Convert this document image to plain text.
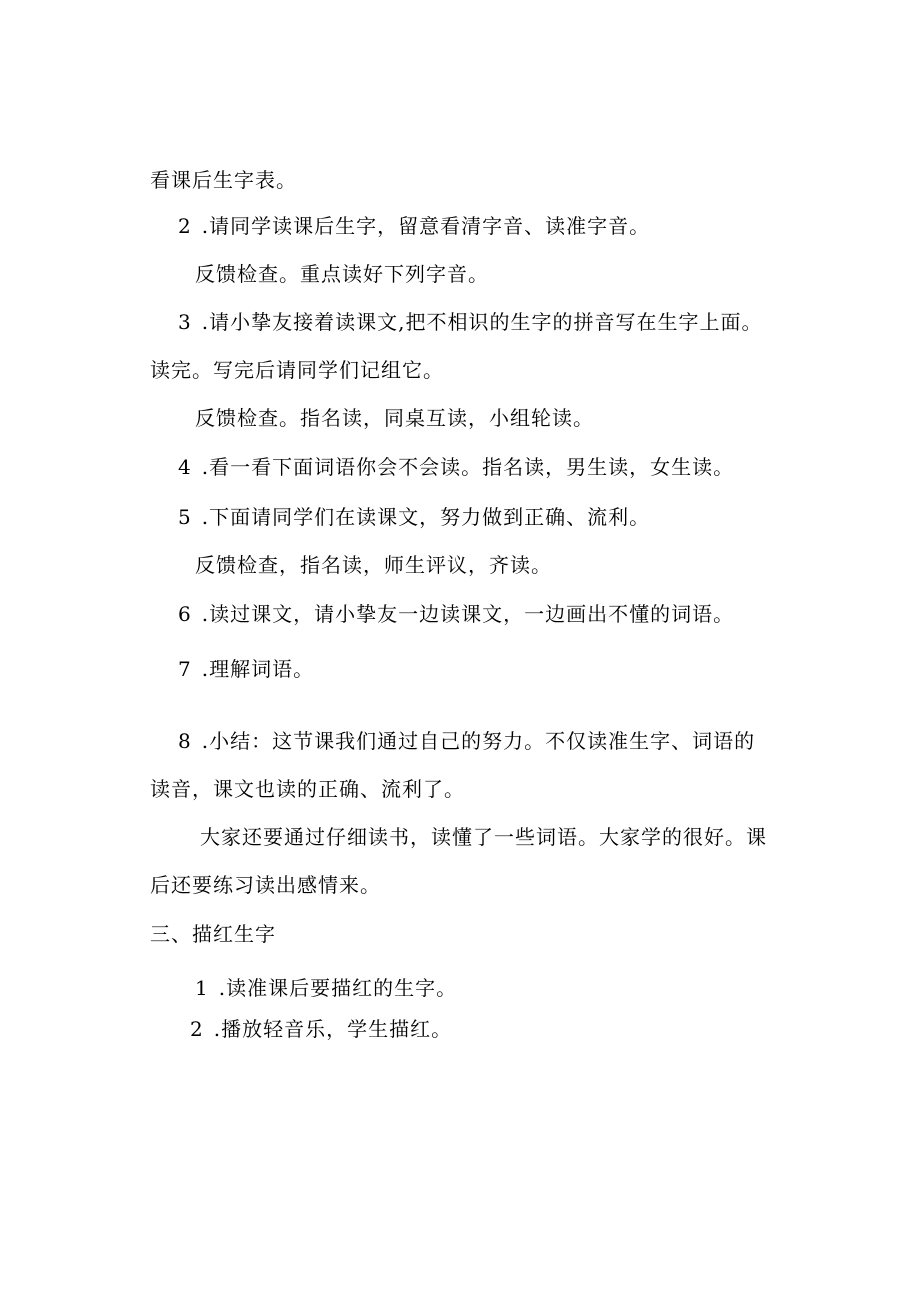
看课后生字表。
2 .请同学读课后生字，留意看清字音、读准字音。
反馈检查。重点读好下列字音。
3 .请小挚友接着读课文,把不相识的生字的拼音写在生字上面。
读完。写完后请同学们记组它。
反馈检查。指名读，同桌互读，小组轮读。
4 .看一看下面词语你会不会读。指名读，男生读，女生读。
5 .下面请同学们在读课文，努力做到正确、流利。
反馈检查，指名读，师生评议，齐读。
6 .读过课文，请小挚友一边读课文，一边画出不懂的词语。
7 .理解词语。
8 .小结：这节课我们通过自己的努力。不仅读准生字、词语的
读音，课文也读的正确、流利了。
大家还要通过仔细读书，读懂了一些词语。大家学的很好。课
后还要练习读出感情来。
三、描红生字
1 .读准课后要描红的生字。
2 .播放轻音乐，学生描红。
